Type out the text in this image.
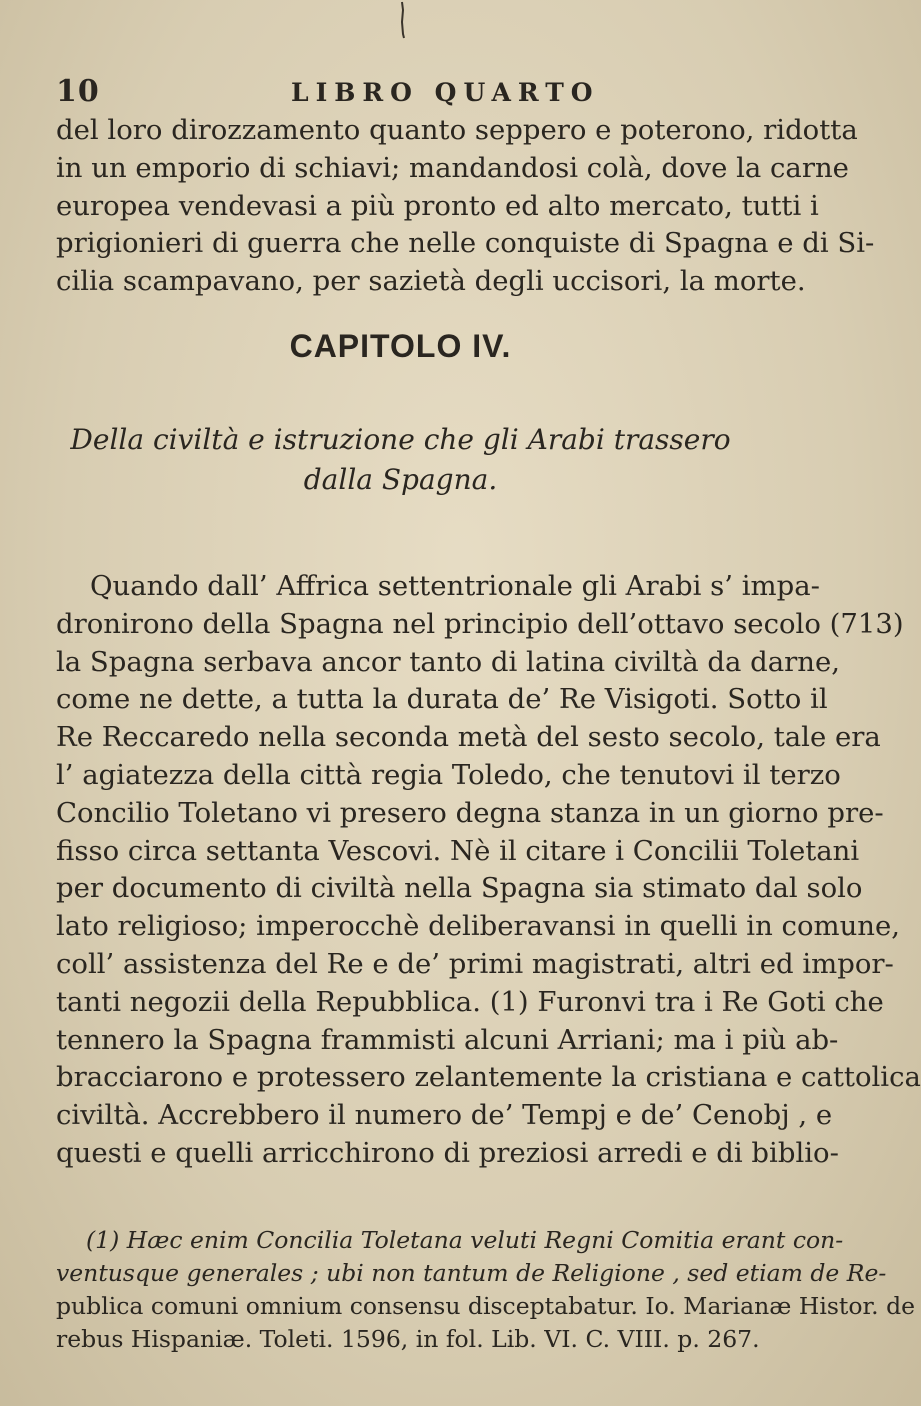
10	LIBRO QUARTO

del loro dirozzamento quanto seppero e poterono, ridotta
in un emporio di schiavi; mandandosi colà, dove la carne
europea vendevasi a più pronto ed alto mercato, tutti i
prigionieri di guerra che nelle conquiste di Spagna e di Si-
cilia scampavano, per sazietà degli uccisori, la morte.

CAPITOLO IV.

Della civiltà e istruzione che gli Arabi trassero
dalla Spagna.

Quando dall’ Affrica settentrionale gli Arabi s’ impa-
dronirono della Spagna nel principio dell’ottavo secolo (713)
la Spagna serbava ancor tanto di latina civiltà da darne,
come ne dette, a tutta la durata de’ Re Visigoti. Sotto il
Re Reccaredo nella seconda metà del sesto secolo, tale era
l’ agiatezza della città regia Toledo, che tenutovi il terzo
Concilio Toletano vi presero degna stanza in un giorno pre-
fisso circa settanta Vescovi. Nè il citare i Concilii Toletani
per documento di civiltà nella Spagna sia stimato dal solo
lato religioso; imperocchè deliberavansi in quelli in comune,
coll’ assistenza del Re e de’ primi magistrati, altri ed impor-
tanti negozii della Repubblica. (1) Furonvi tra i Re Goti che
tennero la Spagna frammisti alcuni Arriani; ma i più ab-
bracciarono e protessero zelantemente la cristiana e cattolica
civiltà. Accrebbero il numero de’ Tempj e de’ Cenobj , e
questi e quelli arricchirono di preziosi arredi e di biblio-

(1) Hæc enim Concilia Toletana veluti Regni Comitia erant con-
ventusque generales ; ubi non tantum de Religione , sed etiam de Re-
publica comuni omnium consensu disceptabatur. Io. Marianæ Histor. de
rebus Hispaniæ. Toleti. 1596, in fol. Lib. VI. C. VIII. p. 267.
